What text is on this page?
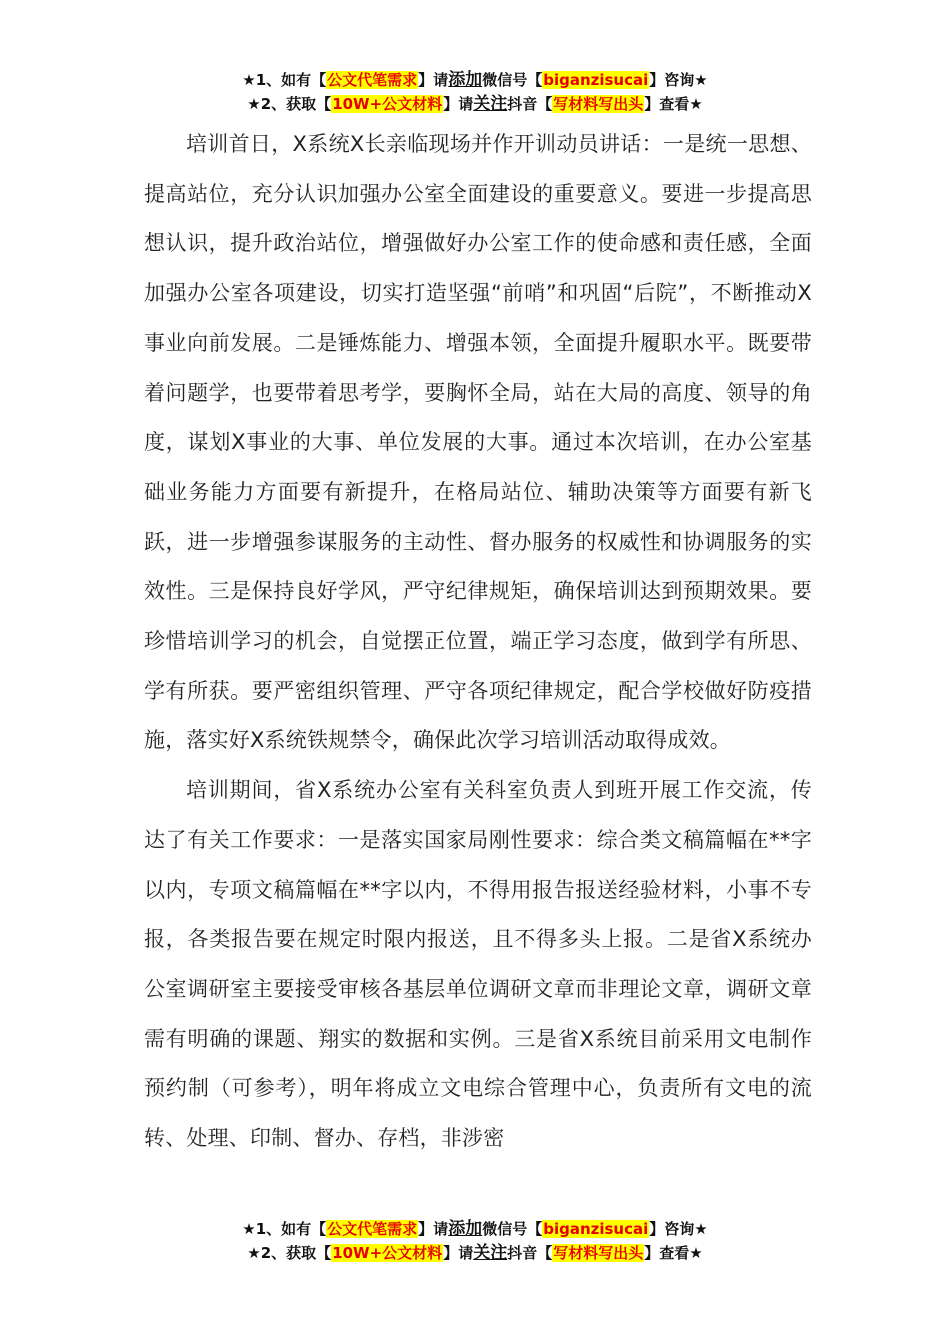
★1、如有【公文代笔需求】请添加微信号【biganzisucai】咨询★
★2、获取【10W+公文材料】请关注抖音【写材料写出头】查看★

培训首日，X系统X长亲临现场并作开训动员讲话：一是统一思想、提高站位，充分认识加强办公室全面建设的重要意义。要进一步提高思想认识，提升政治站位，增强做好办公室工作的使命感和责任感，全面加强办公室各项建设，切实打造坚强“前哨”和巩固“后院”，不断推动X事业向前发展。二是锤炼能力、增强本领，全面提升履职水平。既要带着问题学，也要带着思考学，要胸怀全局，站在大局的高度、领导的角度，谋划X事业的大事、单位发展的大事。通过本次培训，在办公室基础业务能力方面要有新提升，在格局站位、辅助决策等方面要有新飞跃，进一步增强参谋服务的主动性、督办服务的权威性和协调服务的实效性。三是保持良好学风，严守纪律规矩，确保培训达到预期效果。要珍惜培训学习的机会，自觉摆正位置，端正学习态度，做到学有所思、学有所获。要严密组织管理、严守各项纪律规定，配合学校做好防疫措施，落实好X系统铁规禁令，确保此次学习培训活动取得成效。

培训期间，省X系统办公室有关科室负责人到班开展工作交流，传达了有关工作要求：一是落实国家局刚性要求：综合类文稿篇幅在**字以内，专项文稿篇幅在**字以内，不得用报告报送经验材料，小事不专报，各类报告要在规定时限内报送，且不得多头上报。二是省X系统办公室调研室主要接受审核各基层单位调研文章而非理论文章，调研文章需有明确的课题、翔实的数据和实例。三是省X系统目前采用文电制作预约制（可参考），明年将成立文电综合管理中心，负责所有文电的流转、处理、印制、督办、存档，非涉密

★1、如有【公文代笔需求】请添加微信号【biganzisucai】咨询★
★2、获取【10W+公文材料】请关注抖音【写材料写出头】查看★
